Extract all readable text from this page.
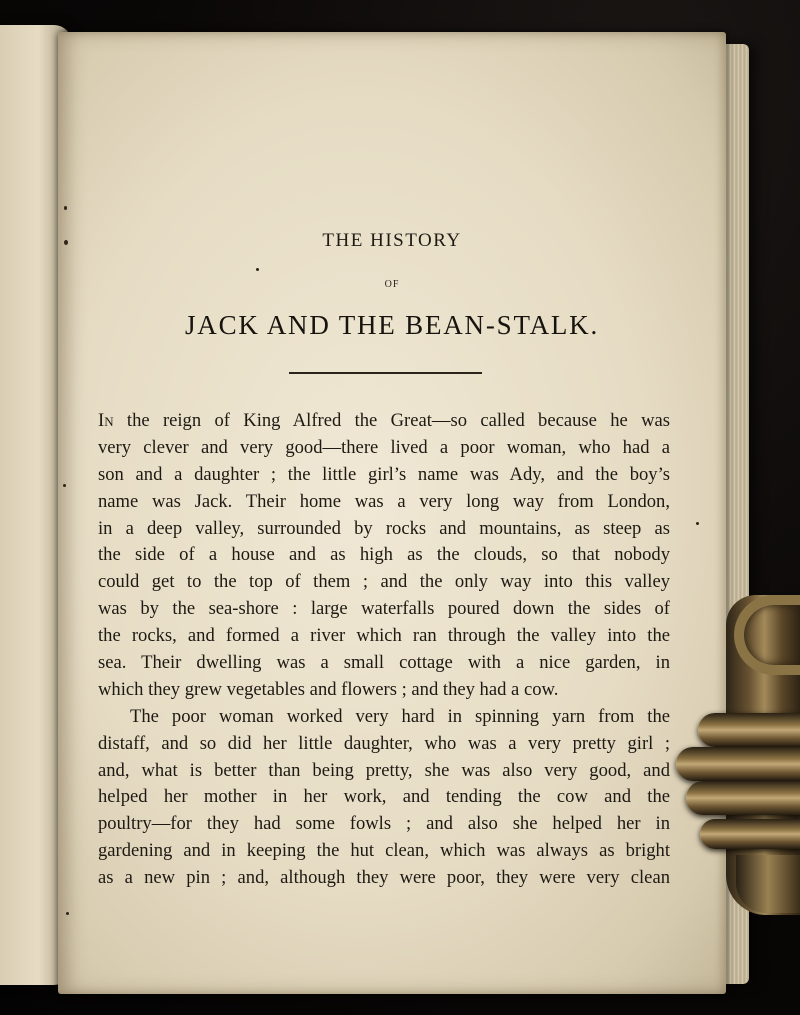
THE HISTORY
OF
JACK AND THE BEAN-STALK.
In the reign of King Alfred the Great—so called because he was
very clever and very good—there lived a poor woman, who had a
son and a daughter ; the little girl’s name was Ady, and the boy’s
name was Jack. Their home was a very long way from London,
in a deep valley, surrounded by rocks and mountains, as steep as
the side of a house and as high as the clouds, so that nobody
could get to the top of them ; and the only way into this valley
was by the sea-shore : large waterfalls poured down the sides of
the rocks, and formed a river which ran through the valley into the
sea. Their dwelling was a small cottage with a nice garden, in
which they grew vegetables and flowers ; and they had a cow.
The poor woman worked very hard in spinning yarn from the
distaff, and so did her little daughter, who was a very pretty girl ;
and, what is better than being pretty, she was also very good, and
helped her mother in her work, and tending the cow and the
poultry—for they had some fowls ; and also she helped her in
gardening and in keeping the hut clean, which was always as bright
as a new pin ; and, although they were poor, they were very clean
